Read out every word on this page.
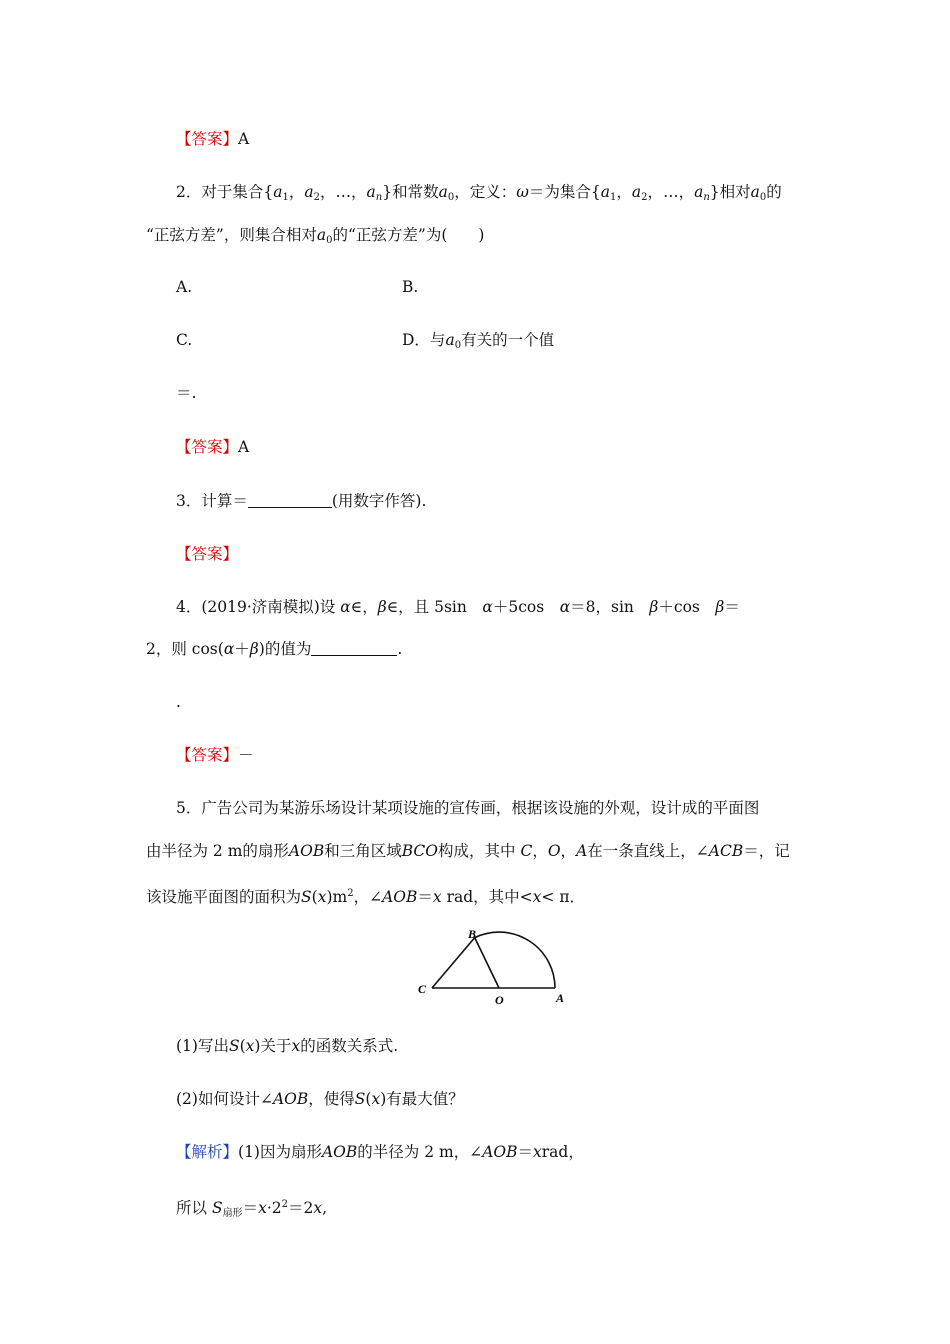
【答案】A
2．对于集合{$a_1$，$a_2$，…，$a_n$}和常数$a_0$，定义：ω＝为集合{$a_1$，$a_2$，…，$a_n$}相对$a_0$的
“正弦方差”，则集合相对$a_0$的“正弦方差”为(　　)
A.	B.
C.	D．与$a_0$有关的一个值
＝.
【答案】A
3．计算＝	(用数字作答).
【答案】
4．(2019·济南模拟)设 α∈，β∈，且 5sin　α＋5cos　α＝8，sin　β＋cos　β＝
2，则 cos(α＋β)的值为	.
.
【答案】－
5．广告公司为某游乐场设计某项设施的宣传画，根据该设施的外观，设计成的平面图
由半径为 2 m的扇形AOB和三角区域BCO构成，其中 C，O，A在一条直线上，∠ACB＝，记
该设施平面图的面积为$S(x)m^2$，∠AOB＝x rad，其中<x< π．
B
C
O	A
(1)写出S(x)关于x的函数关系式.
(2)如何设计∠AOB，使得S(x)有最大值？
【解析】(1)因为扇形AOB的半径为 2 m，∠AOB＝xrad，
所以 $S_{扇形}=x\cdot 2^2=2x$,
